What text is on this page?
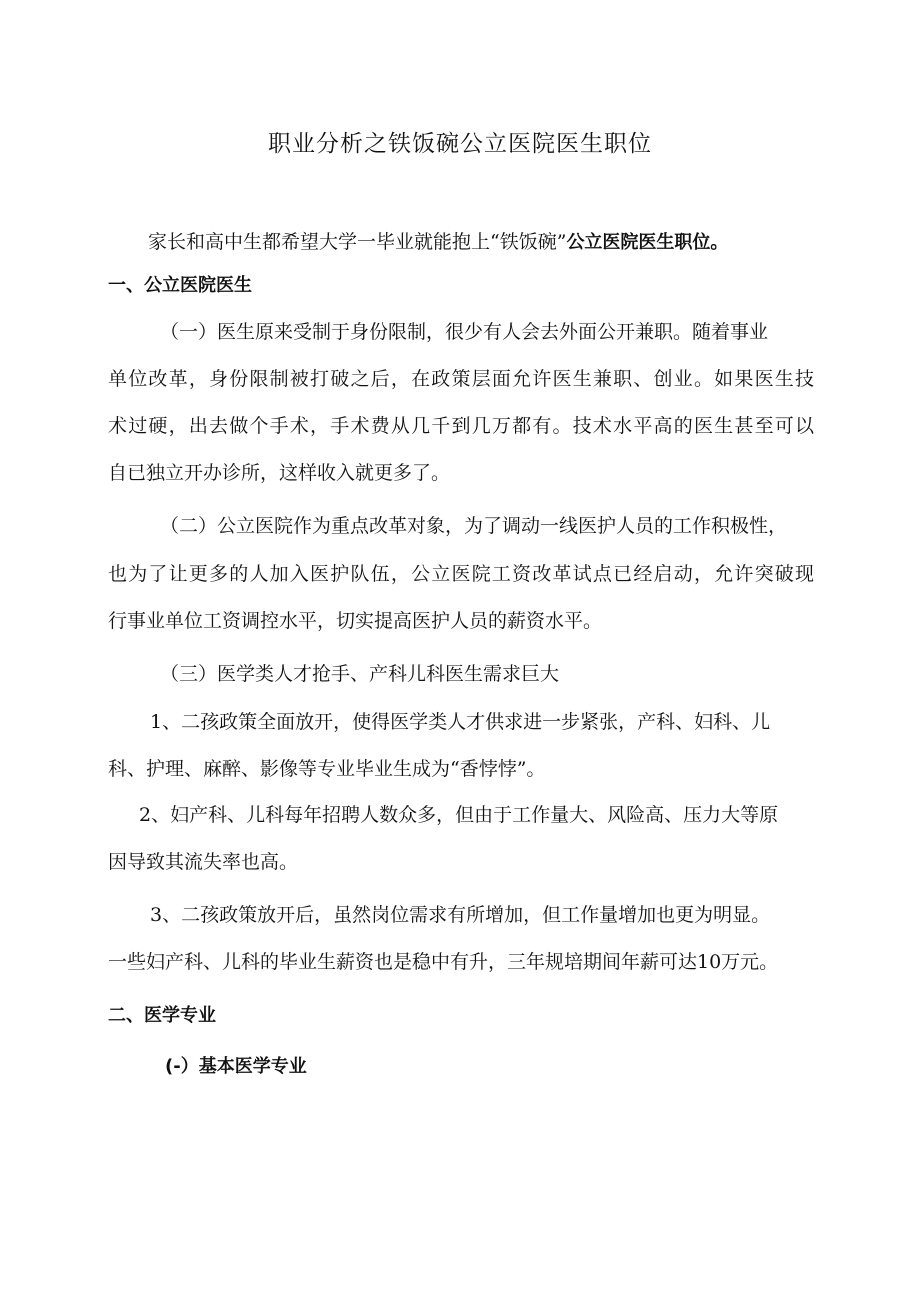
职业分析之铁饭碗公立医院医生职位

家长和高中生都希望大学一毕业就能抱上“铁饭碗”公立医院医生职位。

一、公立医院医生

（一）医生原来受制于身份限制，很少有人会去外面公开兼职。随着事业

单位改革，身份限制被打破之后，在政策层面允许医生兼职、创业。如果医生技

术过硬，出去做个手术，手术费从几千到几万都有。技术水平高的医生甚至可以

自已独立开办诊所，这样收入就更多了。

（二）公立医院作为重点改革对象，为了调动一线医护人员的工作积极性，

也为了让更多的人加入医护队伍，公立医院工资改革试点已经启动，允许突破现

行事业单位工资调控水平，切实提高医护人员的薪资水平。

（三）医学类人才抢手、产科儿科医生需求巨大

1、二孩政策全面放开，使得医学类人才供求进一步紧张，产科、妇科、儿

科、护理、麻醉、影像等专业毕业生成为“香悖悖”。

2、妇产科、儿科每年招聘人数众多，但由于工作量大、风险高、压力大等原

因导致其流失率也高。

3、二孩政策放开后，虽然岗位需求有所增加，但工作量增加也更为明显。

一些妇产科、儿科的毕业生薪资也是稳中有升，三年规培期间年薪可达10万元。

二、医学专业

(-）基本医学专业
